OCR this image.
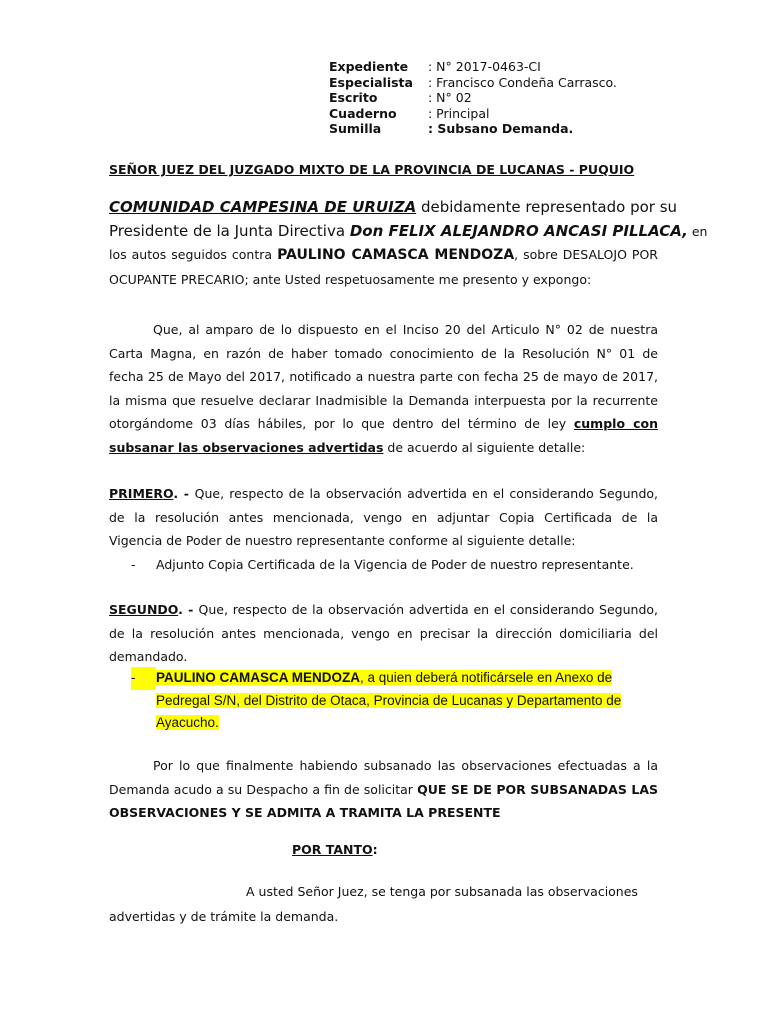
Expediente	: N° 2017-0463-CI
Especialista	: Francisco Condeña Carrasco.
Escrito	: N° 02
Cuaderno	: Principal
Sumilla	: Subsano Demanda.
SEÑOR JUEZ DEL JUZGADO MIXTO DE LA PROVINCIA DE LUCANAS - PUQUIO
COMUNIDAD CAMPESINA DE URUIZA debidamente representado por su
Presidente de la Junta Directiva Don FELIX ALEJANDRO ANCASI PILLACA, en
los autos seguidos contra PAULINO CAMASCA MENDOZA, sobre DESALOJO POR
OCUPANTE PRECARIO; ante Usted respetuosamente me presento y expongo:
Que, al amparo de lo dispuesto en el Inciso 20 del Articulo N° 02 de nuestra
Carta Magna, en razón de haber tomado conocimiento de la Resolución N° 01 de
fecha 25 de Mayo del 2017, notificado a nuestra parte con fecha 25 de mayo de 2017,
la misma que resuelve declarar Inadmisible la Demanda interpuesta por la recurrente
otorgándome 03 días hábiles, por lo que dentro del término de ley cumplo con
subsanar las observaciones advertidas de acuerdo al siguiente detalle:
PRIMERO. - Que, respecto de la observación advertida en el considerando Segundo,
de la resolución antes mencionada, vengo en adjuntar Copia Certificada de la
Vigencia de Poder de nuestro representante conforme al siguiente detalle:
-	Adjunto Copia Certificada de la Vigencia de Poder de nuestro representante.
SEGUNDO. - Que, respecto de la observación advertida en el considerando Segundo,
de la resolución antes mencionada, vengo en precisar la dirección domiciliaria del
demandado.
-	PAULINO CAMASCA MENDOZA, a quien deberá notificársele en Anexo de
Pedregal S/N, del Distrito de Otaca, Provincia de Lucanas y Departamento de
Ayacucho.
Por lo que finalmente habiendo subsanado las observaciones efectuadas a la
Demanda acudo a su Despacho a fin de solicitar QUE SE DE POR SUBSANADAS LAS
OBSERVACIONES Y SE ADMITA A TRAMITA LA PRESENTE
POR TANTO:
A usted Señor Juez, se tenga por subsanada las observaciones
advertidas y de trámite la demanda.
